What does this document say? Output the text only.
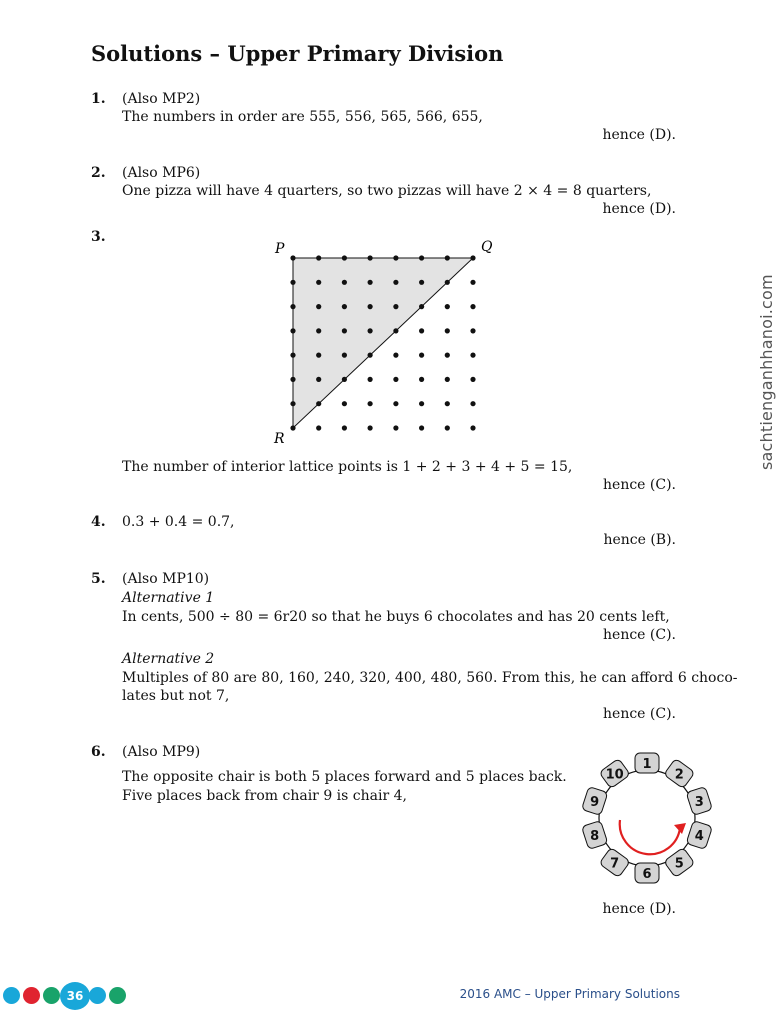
Solutions – Upper Primary Division
1. (Also MP2)
The numbers in order are 555, 556, 565, 566, 655,
hence (D).
2. (Also MP6)
One pizza will have 4 quarters, so two pizzas will have 2 × 4 = 8 quarters,
hence (D).
3.
P	Q
R
The number of interior lattice points is 1 + 2 + 3 + 4 + 5 = 15,
hence (C).
4. 0.3 + 0.4 = 0.7,
hence (B).
5. (Also MP10)
Alternative 1
In cents, 500 ÷ 80 = 6r20 so that he buys 6 chocolates and has 20 cents left,
hence (C).
Alternative 2
Multiples of 80 are 80, 160, 240, 320, 400, 480, 560. From this, he can afford 6 choco-
lates but not 7,
hence (C).
6. (Also MP9)
The opposite chair is both 5 places forward and 5 places back.
Five places back from chair 9 is chair 4,
1
2
3
4
5
6
7
8
9
10
hence (D).
sachtienganhhanoi.com
36	2016 AMC – Upper Primary Solutions
